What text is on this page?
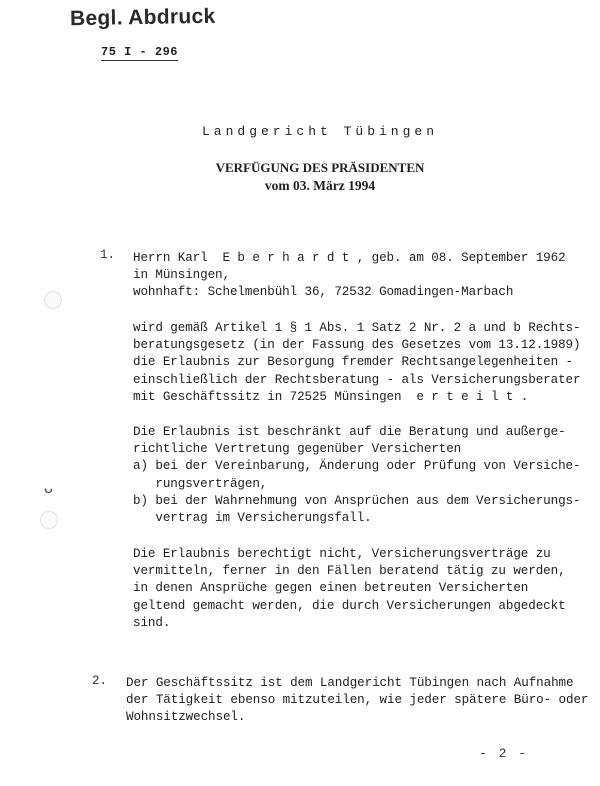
Begl. Abdruck
75 I - 296
Landgericht Tübingen
VERFÜGUNG DES PRÄSIDENTEN
vom 03. März 1994
ᴗ
1. Herrn Karl  E b e r h a r d t , geb. am 08. September 1962
in Münsingen,
wohnhaft: Schelmenbühl 36, 72532 Gomadingen-Marbach
wird gemäß Artikel 1 § 1 Abs. 1 Satz 2 Nr. 2 a und b Rechts-
beratungsgesetz (in der Fassung des Gesetzes vom 13.12.1989)
die Erlaubnis zur Besorgung fremder Rechtsangelegenheiten -
einschließlich der Rechtsberatung - als Versicherungsberater
mit Geschäftssitz in 72525 Münsingen  e r t e i l t .
Die Erlaubnis ist beschränkt auf die Beratung und außerge-
richtliche Vertretung gegenüber Versicherten
a) bei der Vereinbarung, Änderung oder Prüfung von Versiche-
rungsverträgen,
b) bei der Wahrnehmung von Ansprüchen aus dem Versicherungs-
vertrag im Versicherungsfall.
Die Erlaubnis berechtigt nicht, Versicherungsverträge zu
vermitteln, ferner in den Fällen beratend tätig zu werden,
in denen Ansprüche gegen einen betreuten Versicherten
geltend gemacht werden, die durch Versicherungen abgedeckt
sind.
2. Der Geschäftssitz ist dem Landgericht Tübingen nach Aufnahme
der Tätigkeit ebenso mitzuteilen, wie jeder spätere Büro- oder
Wohnsitzwechsel.
- 2 -
